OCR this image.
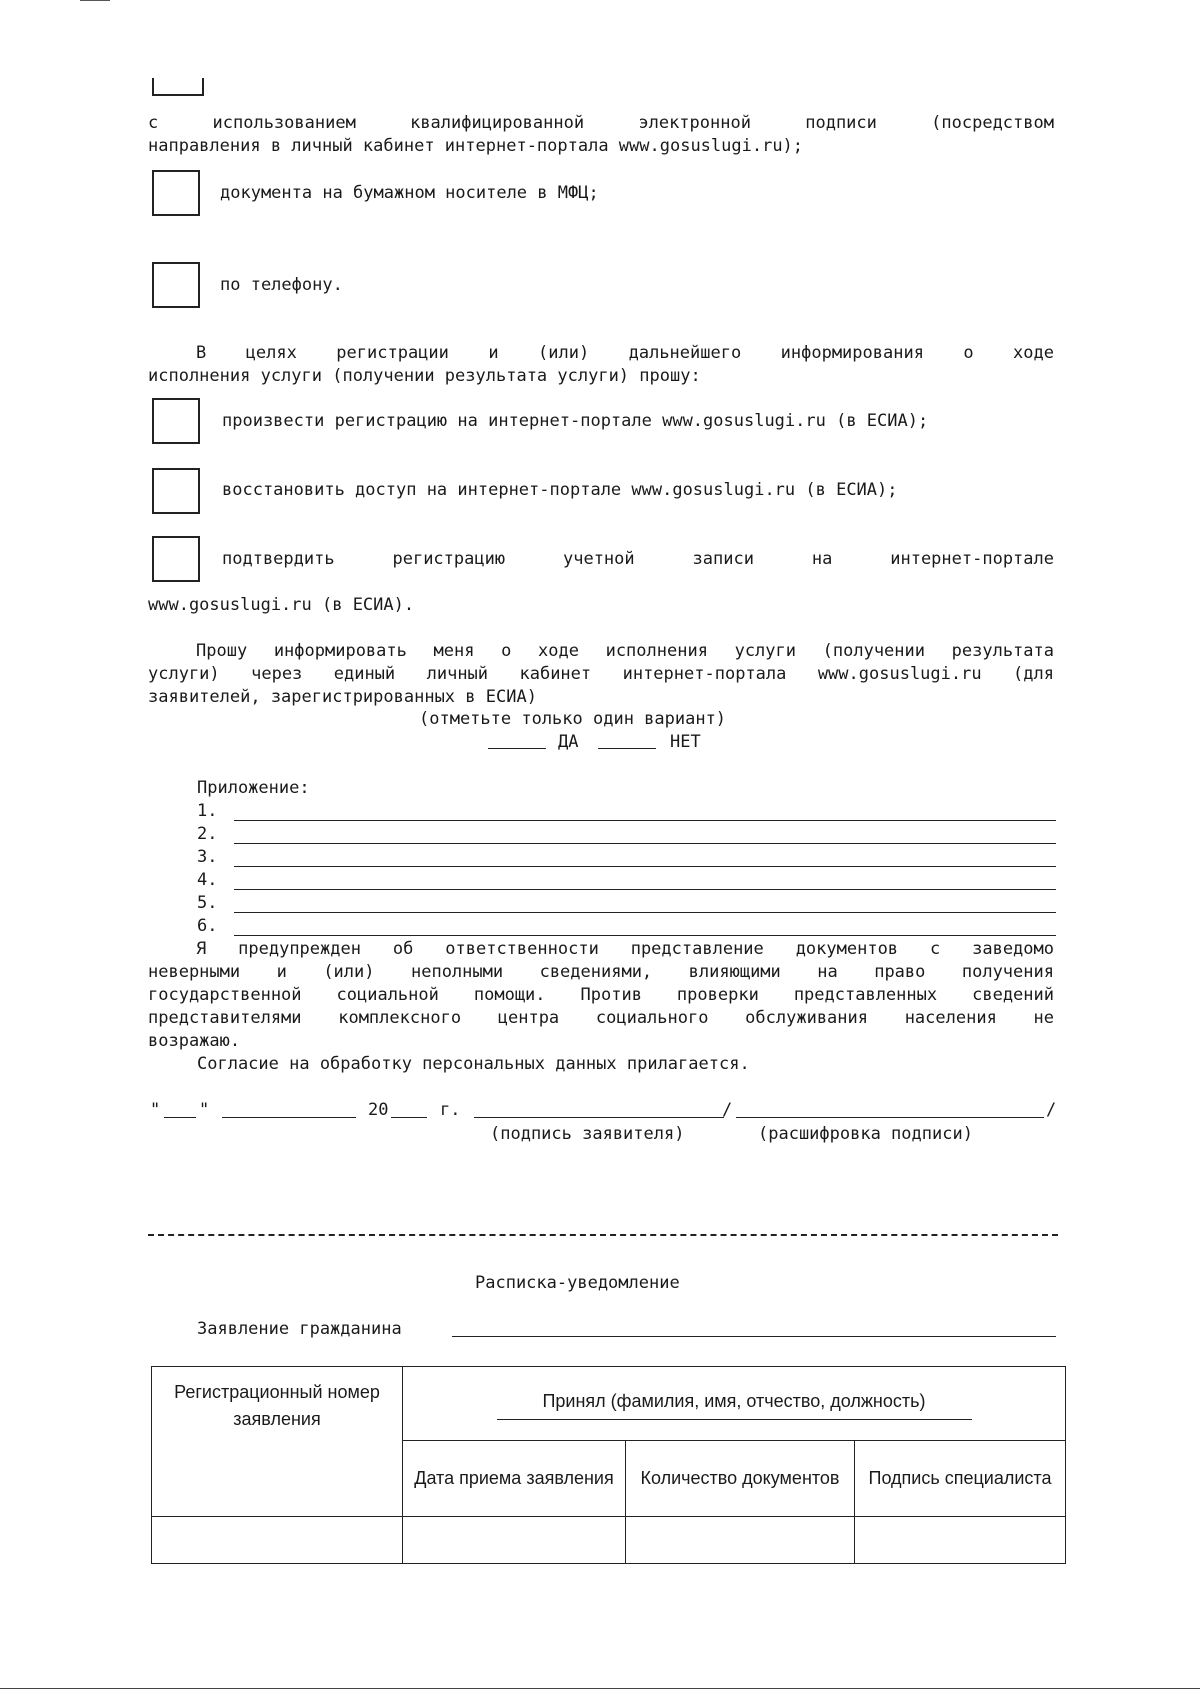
с использованием квалифицированной электронной подписи (посредством
направления в личный кабинет интернет-портала www.gosuslugi.ru);
документа на бумажном носителе в МФЦ;
по телефону.
В целях регистрации и (или) дальнейшего информирования о ходе
исполнения услуги (получении результата услуги) прошу:
произвести регистрацию на интернет-портале www.gosuslugi.ru (в ЕСИА);
восстановить доступ на интернет-портале www.gosuslugi.ru (в ЕСИА);
подтвердить регистрацию учетной записи на интернет-портале
www.gosuslugi.ru (в ЕСИА).
Прошу информировать меня о ходе исполнения услуги (получении результата
услуги) через единый личный кабинет интернет-портала www.gosuslugi.ru (для
заявителей, зарегистрированных в ЕСИА)
(отметьте только один вариант)
ДА	НЕТ
Приложение:
1.
2.
3.
4.
5.
6.
Я предупрежден об ответственности представление документов с заведомо
неверными и (или) неполными сведениями, влияющими на право получения
государственной социальной помощи. Против проверки представленных сведений
представителями комплексного центра социального обслуживания населения не
возражаю.
Согласие на обработку персональных данных прилагается.
" "	20	г.	/	/
(подпись заявителя)	(расшифровка подписи)
Расписка-уведомление
Заявление гражданина
Регистрационный номер заявления	Принял (фамилия, имя, отчество, должность)		

	Дата приема заявления	Количество документов	Подпись специалиста
